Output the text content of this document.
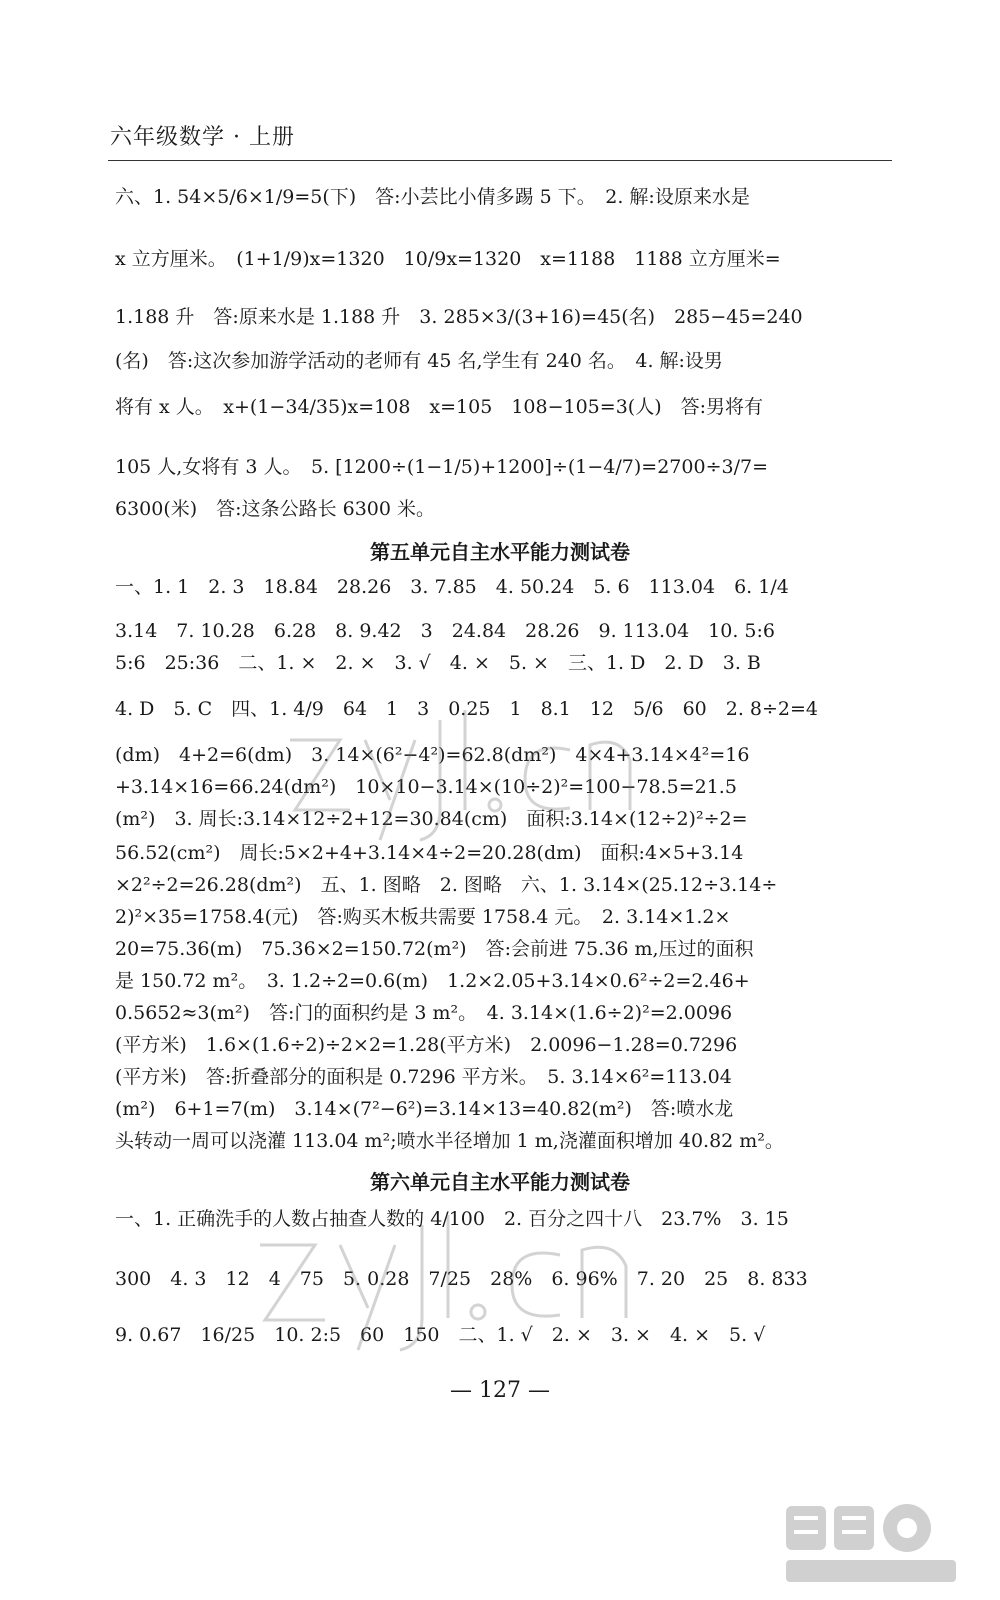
六年级数学 · 上册
六、1. 54×5/6×1/9=5(下)　答:小芸比小倩多踢 5 下。　2. 解:设原来水是
x 立方厘米。　(1+1/9)x=1320　10/9x=1320　x=1188　1188 立方厘米=
1.188 升　答:原来水是 1.188 升　3. 285×3/(3+16)=45(名)　285−45=240
(名)　答:这次参加游学活动的老师有 45 名,学生有 240 名。　4. 解:设男
将有 x 人。　x+(1−34/35)x=108　x=105　108−105=3(人)　答:男将有
105 人,女将有 3 人。　5. [1200÷(1−1/5)+1200]÷(1−4/7)=2700÷3/7=
6300(米)　答:这条公路长 6300 米。
第五单元自主水平能力测试卷
一、1. 1　2. 3　18.84　28.26　3. 7.85　4. 50.24　5. 6　113.04　6. 1/4
3.14　7. 10.28　6.28　8. 9.42　3　24.84　28.26　9. 113.04　10. 5:6
5:6　25:36　二、1. ×　2. ×　3. √　4. ×　5. ×　三、1. D　2. D　3. B
4. D　5. C　四、1. 4/9　64　1　3　0.25　1　8.1　12　5/6　60　2. 8÷2=4
(dm)　4+2=6(dm)　3. 14×(6²−4²)=62.8(dm²)　4×4+3.14×4²=16
+3.14×16=66.24(dm²)　10×10−3.14×(10÷2)²=100−78.5=21.5
(m²)　3. 周长:3.14×12÷2+12=30.84(cm)　面积:3.14×(12÷2)²÷2=
56.52(cm²)　周长:5×2+4+3.14×4÷2=20.28(dm)　面积:4×5+3.14
×2²÷2=26.28(dm²)　五、1. 图略　2. 图略　六、1. 3.14×(25.12÷3.14÷
2)²×35=1758.4(元)　答:购买木板共需要 1758.4 元。　2. 3.14×1.2×
20=75.36(m)　75.36×2=150.72(m²)　答:会前进 75.36 m,压过的面积
是 150.72 m²。　3. 1.2÷2=0.6(m)　1.2×2.05+3.14×0.6²÷2=2.46+
0.5652≈3(m²)　答:门的面积约是 3 m²。　4. 3.14×(1.6÷2)²=2.0096
(平方米)　1.6×(1.6÷2)÷2×2=1.28(平方米)　2.0096−1.28=0.7296
(平方米)　答:折叠部分的面积是 0.7296 平方米。　5. 3.14×6²=113.04
(m²)　6+1=7(m)　3.14×(7²−6²)=3.14×13=40.82(m²)　答:喷水龙
头转动一周可以浇灌 113.04 m²;喷水半径增加 1 m,浇灌面积增加 40.82 m²。
第六单元自主水平能力测试卷
一、1. 正确洗手的人数占抽查人数的 4/100　2. 百分之四十八　23.7%　3. 15
300　4. 3　12　4　75　5. 0.28　7/25　28%　6. 96%　7. 20　25　8. 833
9. 0.67　16/25　10. 2:5　60　150　二、1. √　2. ×　3. ×　4. ×　5. √
— 127 —
